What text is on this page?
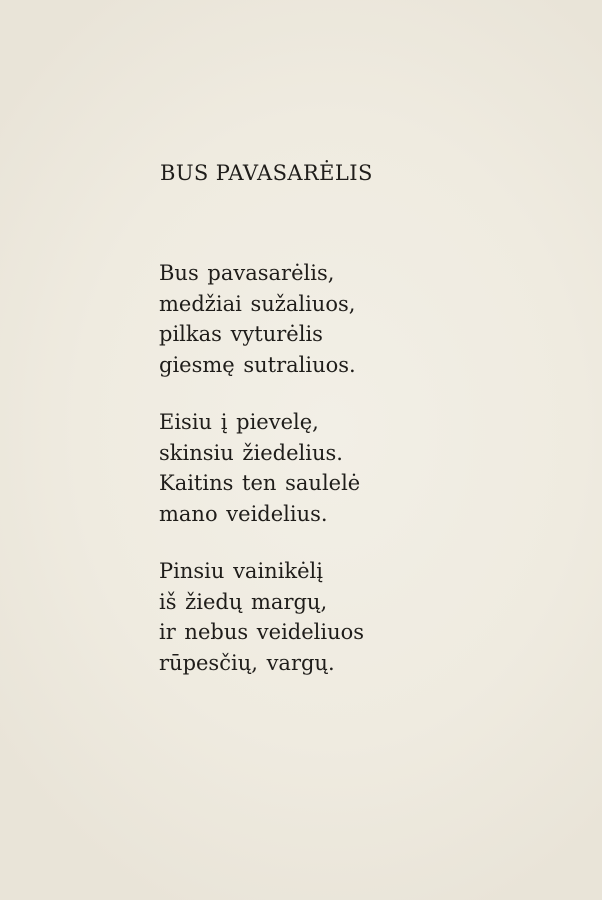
BUS PAVASARĖLIS
Bus pavasarėlis,
medžiai sužaliuos,
pilkas vyturėlis
giesmę sutraliuos.
Eisiu į pievelę,
skinsiu žiedelius.
Kaitins ten saulelė
mano veidelius.
Pinsiu vainikėlį
iš žiedų margų,
ir nebus veideliuos
rūpesčių, vargų.
